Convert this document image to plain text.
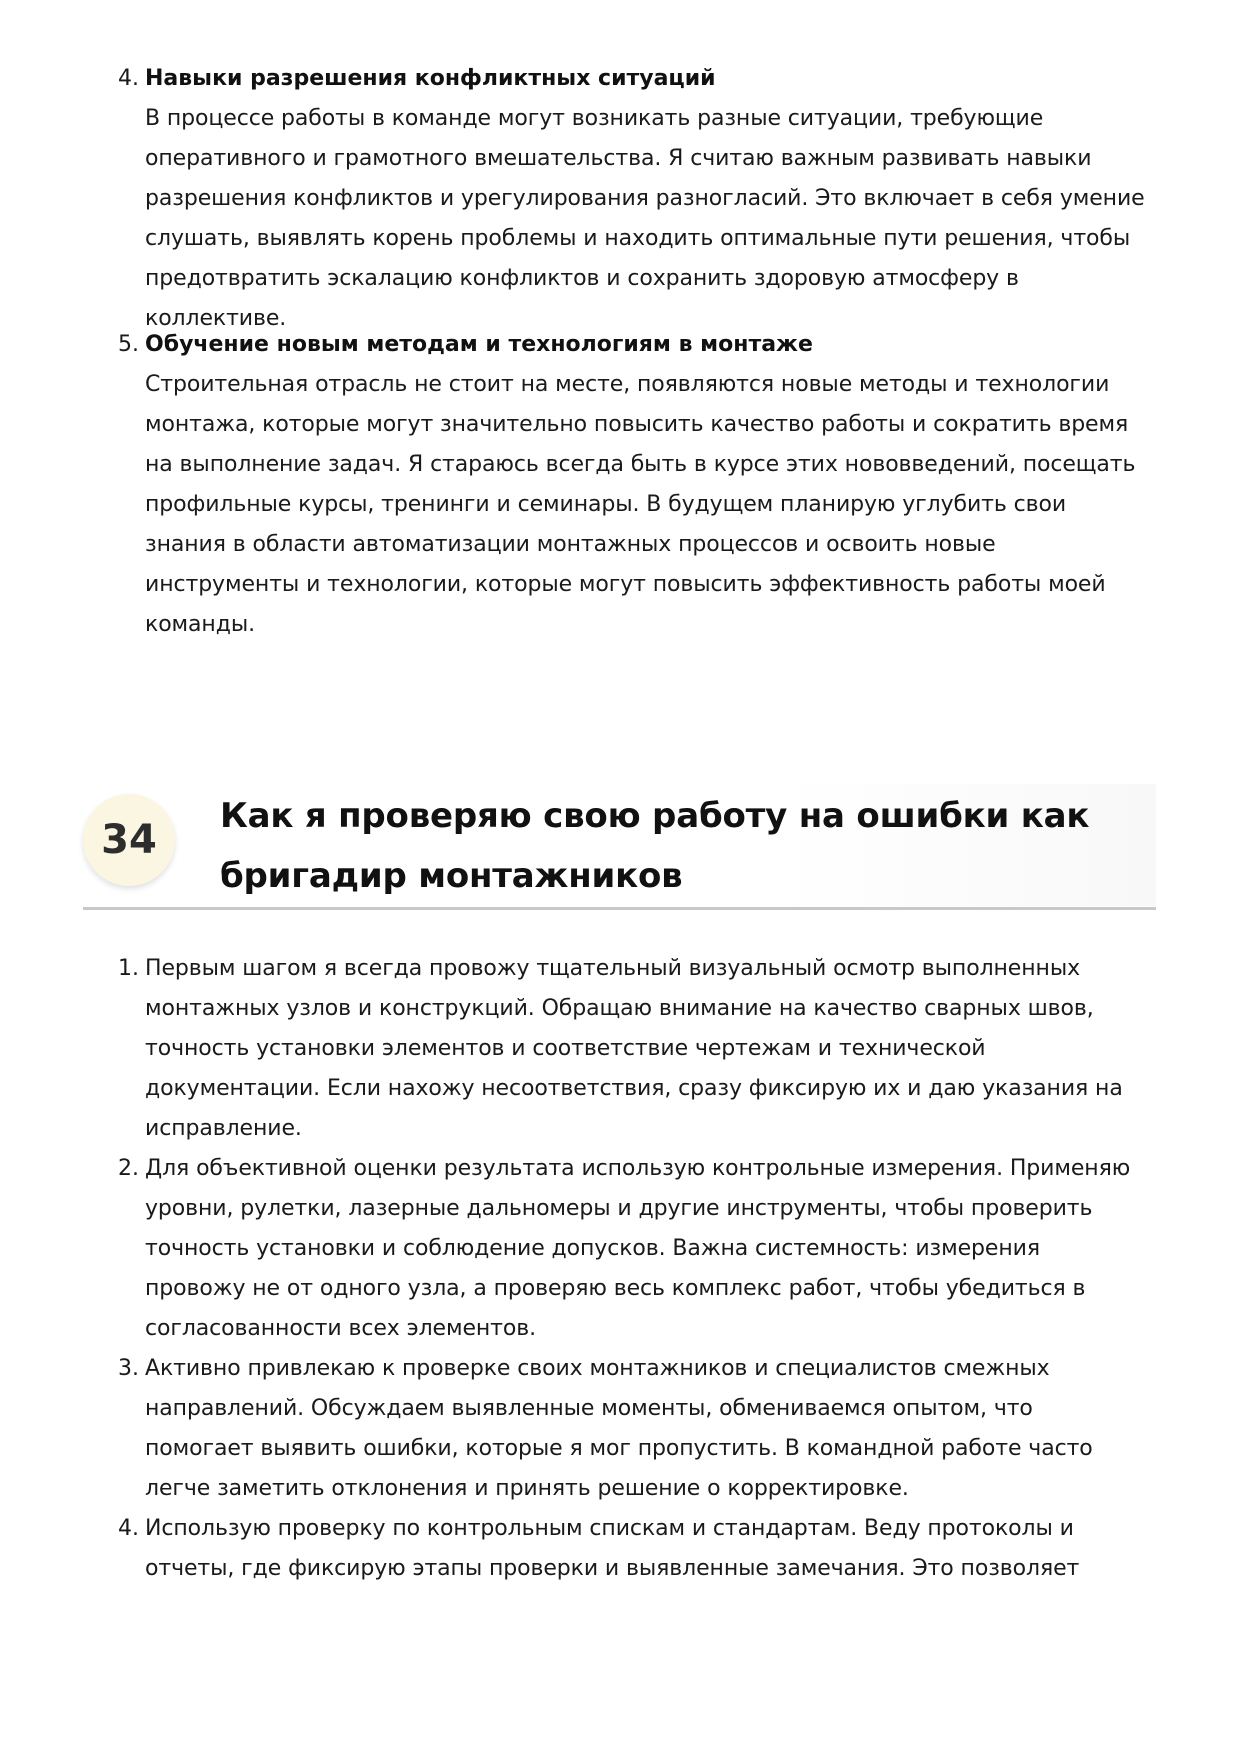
4. Навыки разрешения конфликтных ситуаций
В процессе работы в команде могут возникать разные ситуации, требующие оперативного и грамотного вмешательства. Я считаю важным развивать навыки разрешения конфликтов и урегулирования разногласий. Это включает в себя умение слушать, выявлять корень проблемы и находить оптимальные пути решения, чтобы предотвратить эскалацию конфликтов и сохранить здоровую атмосферу в коллективе.
5. Обучение новым методам и технологиям в монтаже
Строительная отрасль не стоит на месте, появляются новые методы и технологии монтажа, которые могут значительно повысить качество работы и сократить время на выполнение задач. Я стараюсь всегда быть в курсе этих нововведений, посещать профильные курсы, тренинги и семинары. В будущем планирую углубить свои знания в области автоматизации монтажных процессов и освоить новые инструменты и технологии, которые могут повысить эффективность работы моей команды.
34
Как я проверяю свою работу на ошибки как бригадир монтажников
1. Первым шагом я всегда провожу тщательный визуальный осмотр выполненных монтажных узлов и конструкций. Обращаю внимание на качество сварных швов, точность установки элементов и соответствие чертежам и технической документации. Если нахожу несоответствия, сразу фиксирую их и даю указания на исправление.
2. Для объективной оценки результата использую контрольные измерения. Применяю уровни, рулетки, лазерные дальномеры и другие инструменты, чтобы проверить точность установки и соблюдение допусков. Важна системность: измерения провожу не от одного узла, а проверяю весь комплекс работ, чтобы убедиться в согласованности всех элементов.
3. Активно привлекаю к проверке своих монтажников и специалистов смежных направлений. Обсуждаем выявленные моменты, обмениваемся опытом, что помогает выявить ошибки, которые я мог пропустить. В командной работе часто легче заметить отклонения и принять решение о корректировке.
4. Использую проверку по контрольным спискам и стандартам. Веду протоколы и отчеты, где фиксирую этапы проверки и выявленные замечания. Это позволяет
